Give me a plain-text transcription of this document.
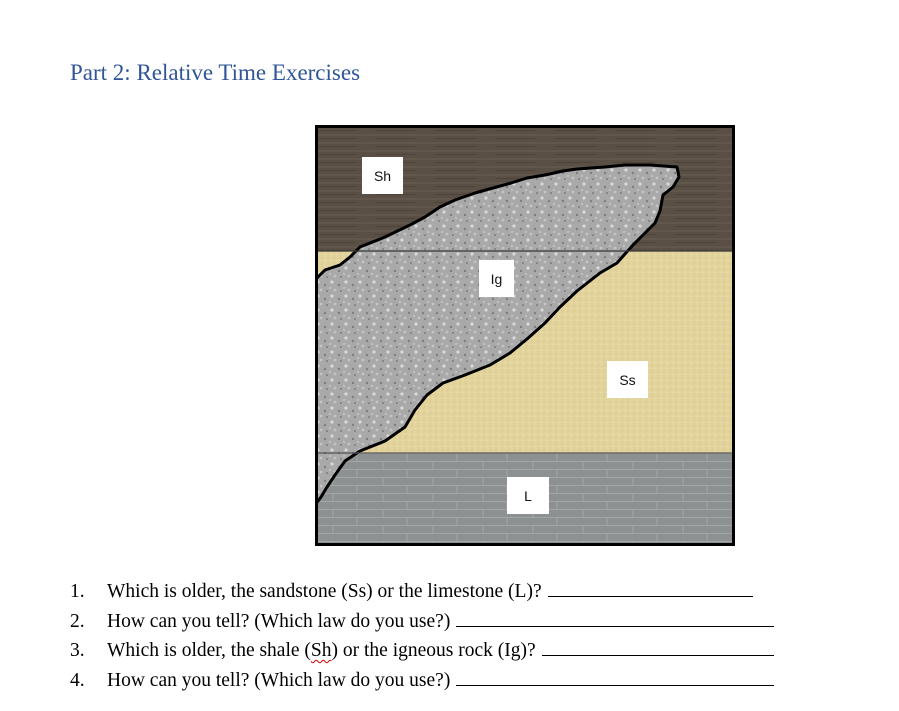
Part 2: Relative Time Exercises
Sh
Ig
Ss
L
1.	Which is older, the sandstone (Ss) or the limestone (L)?
2.	How can you tell? (Which law do you use?)
3.	Which is older, the shale (Sh) or the igneous rock (Ig)?
4.	How can you tell? (Which law do you use?)
